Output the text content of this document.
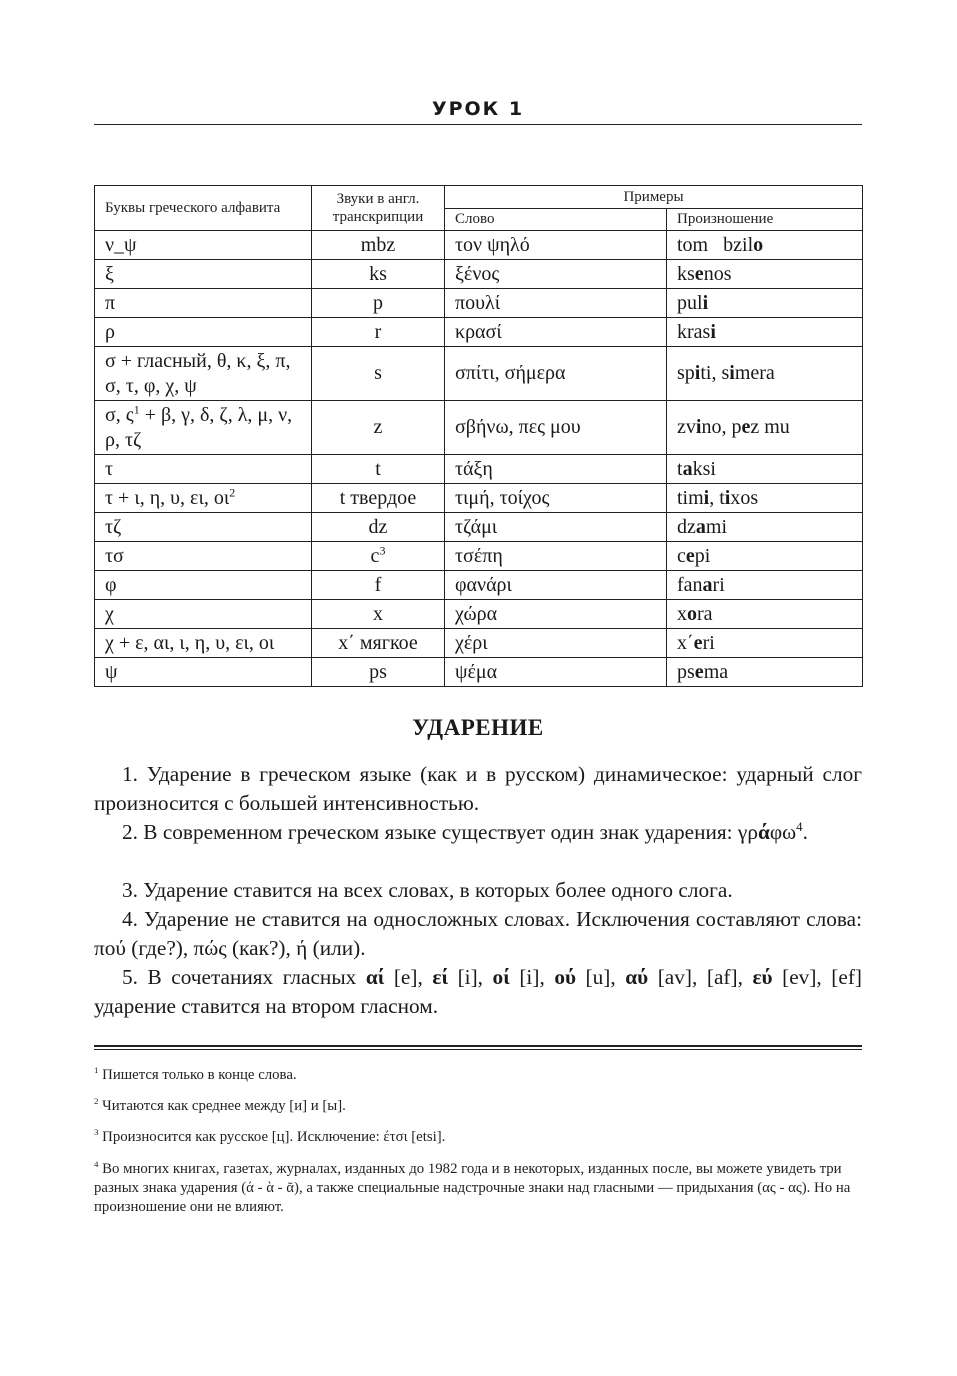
УРОК 1
Буквы греческого алфавита	Звуки в англ. транскрипции	Примеры	
		Слово	Произношение
ν_ψ	mbz	τον ψηλό	tom   bzilo
ξ	ks	ξένος	ksenos
π	p	πουλί	puli
ρ	r	κρασί	krasi
σ + гласный, θ, κ, ξ, π, σ, τ, φ, χ, ψ	s	σπίτι, σήμερα	spiti, simera
σ, $\varsigma^1 + \beta$, γ, δ, ζ, λ, μ, ν, ρ, τζ	z	σβήνω, πες μου	zvino, pez mu
τ	t	τάξη	taksi
τ + ι, η, υ, ει, $o\iota^2$	t твердое	τιμή, τοίχος	timi, tixos
τζ	dz	τζάμι	dzami
τσ	$c^3$	τσέπη	cepi
φ	f	φανάρι	fanari
χ	x	χώρα	xora
χ + ε, αι, ι, η, υ, ει, οι	x΄ мягкое	χέρι	x΄eri
ψ	ps	ψέμα	psema
УДАРЕНИЕ

1. Ударение в греческом языке (как и в русском) динамическое: ударный слог произносится с большей интенсивностью.

2. В современном греческом языке существует один знак ударения: γράφω$^4$.

3. Ударение ставится на всех словах, в которых более одного слога.

4. Ударение не ставится на односложных словах. Исключения составляют слова: πού (где?), πώς (как?), ή (или).

5. В сочетаниях гласных αί [e], εί [i], οί [i], ού [u], αύ [av], [af], εύ [ev], [ef] ударение ставится на втором гласном.

$^1$ Пишется только в конце слова.

$^2$ Читаются как среднее между [и] и [ы].

$^3$ Произносится как русское [ц]. Исключение: έτσι [etsi].

$^4$ Во многих книгах, газетах, журналах, изданных до 1982 года и в некоторых, изданных после, вы можете увидеть три разных знака ударения (ά - ὰ - ᾶ), а также специальные надстрочные знаки над гласными — придыхания (ας - ας). Но на произношение они не влияют.
